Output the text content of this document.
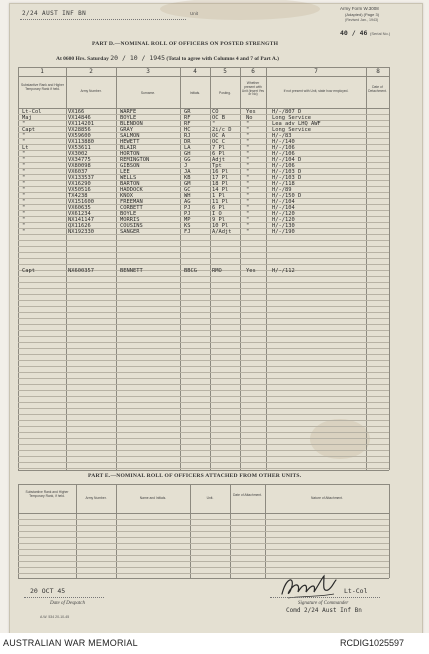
2/24 AUST INF BN	Unit
Army Form W.3008
(Adapted) (Page 3)
(Revised Jan., 1943)
40 / 46 (Serial No.)
PART D.—NOMINAL ROLL OF OFFICERS ON POSTED STRENGTH
At 0600 Hrs. Saturday 20 / 10 / 1945 (Total to agree with Columns 4 and 7 of Part A.)
1	2	3	4	5	6	7	8
Substantive Rank and Higher Temporary Rank if held.
Army Number.	Surname.	Initials.	Posting.
Whether present with Unit (insert Yes or No)
If not present with Unit, state how employed.
Date of Detachment.
Lt-Col	VX166	WARFE	GR	CO	Yes	H/-/807 D
Maj	VX14846	BOYLE	RF	OC B	No	Long Service
"	VX114201	BLENDON	RF	"	"	Lea adv LHQ AWF
Capt	VX28856	GRAY	HC	2i/c D	"	Long Service
"	VX59600	SALMON	RJ	OC A	"	H/-/83
"	VX113880	HEWETT	DR	OC C	"	H/-/140
Lt	VX53611	BLAIR	LA	7 Pl	"	H/-/106
"	VX3002	HORTON	GH	6 Pl	"	H/-/106
"	VX34775	REMINGTON	GG	Adjt	"	H/-/104 D
"	VX80098	GIBSON	J	Tpt	"	H/-/106
"	VX6037	LEE	JA	16 Pl	"	H/-/103 D
"	VX133537	WELLS	KB	17 Pl	"	H/-/103 D
"	VX16290	BARTON	GM	18 Pl	"	H/-/118
"	VX50516	HADDOCK	GC	14 Pl	"	H/-/89
"	TX4238	KNOX	WH	1 Pl	"	H/-/150 D
"	VX151600	FREEMAN	AG	11 Pl	"	H/-/104
"	VX60635	CORBETT	PJ	6 Pl	"	H/-/104
"	VX61234	BOYLE	PJ	I O	"	H/-/120
"	NX141147	MORRIS	MP	9 Pl	"	H/-/120
"	QX11626	COUSINS	KS	10 Pl	"	H/-/130
"	NX192330	SANGER	FJ	A/Adjt	"	H/-/190
Capt	NX600357	BENNETT	BBCG	RMO	Yes	H/-/112
PART E.—NOMINAL ROLL OF OFFICERS ATTACHED FROM OTHER UNITS.
Substantive Rank and Higher Temporary Rank, if held.
Army Number.	Name and Initials.	Unit.
Date of Attachment.
Nature of Attachment.
20 OCT 45
Date of Despatch
Lt-Col
Signature of Commander
Comd 2/24 Aust Inf Bn
A.W. 534 20-10-45
AUSTRALIAN WAR MEMORIAL	RCDIG1025597
